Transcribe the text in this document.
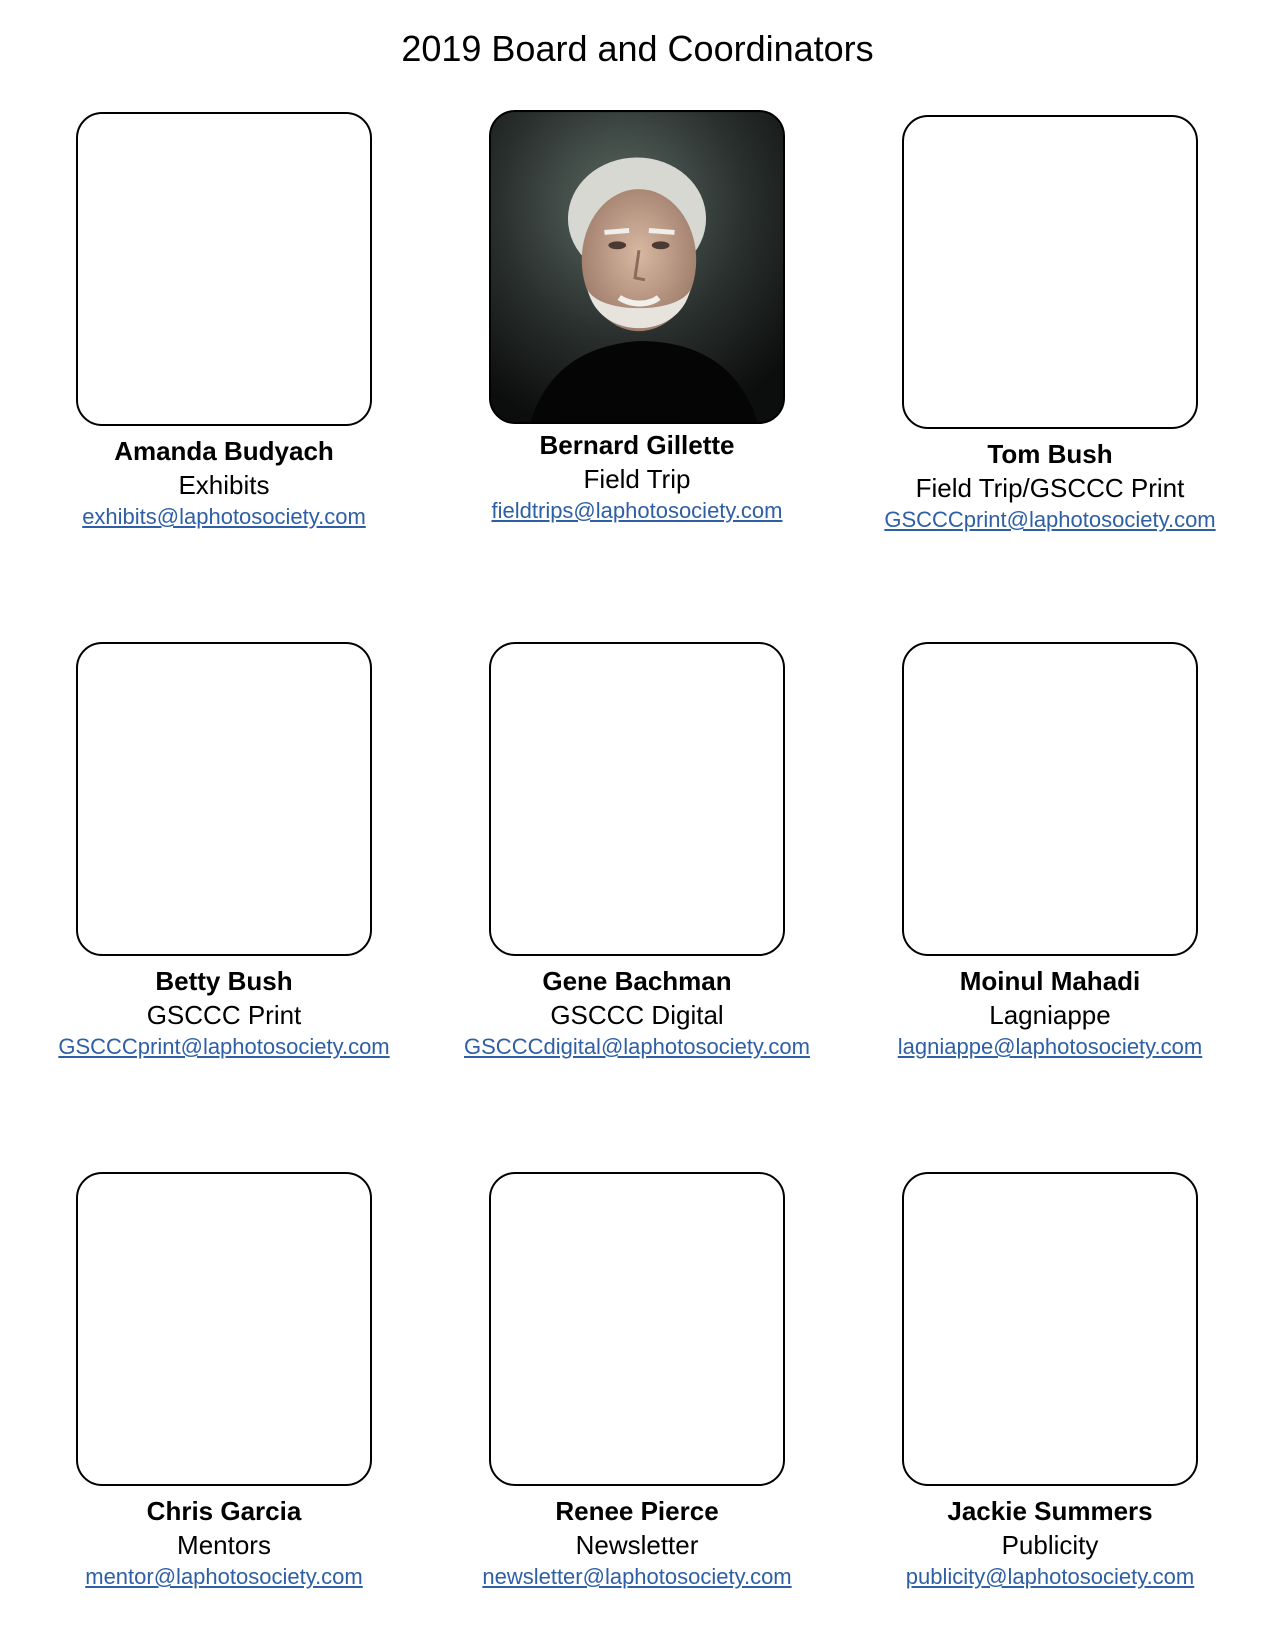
2019 Board and Coordinators
Amanda Budyach
Exhibits
exhibits@laphotosociety.com
Bernard Gillette
Field Trip
fieldtrips@laphotosociety.com
Tom Bush
Field Trip/GSCCC Print
GSCCCprint@laphotosociety.com
Betty Bush
GSCCC Print
GSCCCprint@laphotosociety.com
Gene Bachman
GSCCC Digital
GSCCCdigital@laphotosociety.com
Moinul Mahadi
Lagniappe
lagniappe@laphotosociety.com
Chris Garcia
Mentors
mentor@laphotosociety.com
Renee Pierce
Newsletter
newsletter@laphotosociety.com
Jackie Summers
Publicity
publicity@laphotosociety.com
